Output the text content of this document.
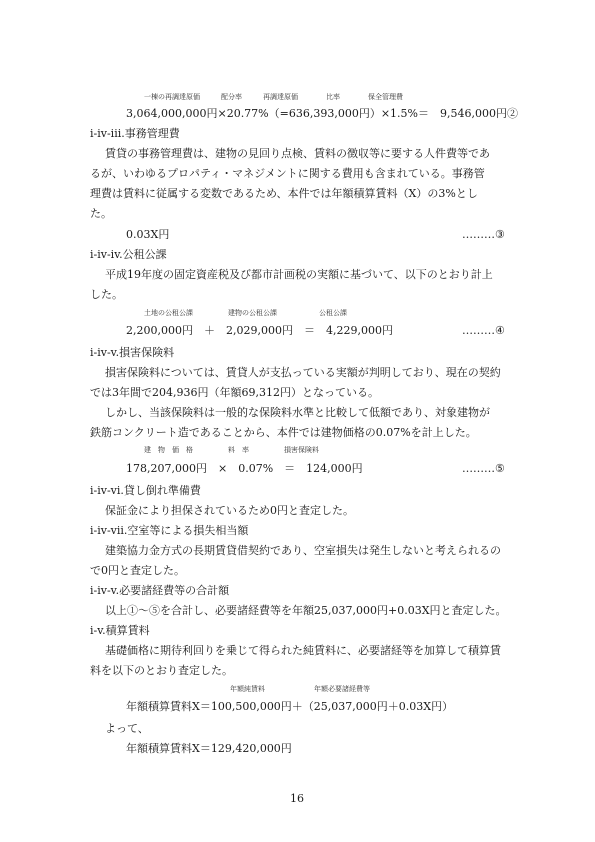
一棟の再調達原価　　　配分率　　　再調達原価　　　　比率　　　　保全管理費
3,064,000,000円×20.77%（=636,393,000円）×1.5%＝　9,546,000円②
i-iv-iii.事務管理費
賃貸の事務管理費は、建物の見回り点検、賃料の徴収等に要する人件費等であ
るが、いわゆるプロパティ・マネジメントに関する費用も含まれている。事務管
理費は賃料に従属する変数であるため、本件では年額積算賃料（X）の3%とし
た。
0.03X円	………③
i-iv-iv.公租公課
平成19年度の固定資産税及び都市計画税の実額に基づいて、以下のとおり計上
した。
土地の公租公課　　　　　建物の公租公課　　　　　　公租公課
2,200,000円　＋　2,029,000円　＝　4,229,000円	………④
i-iv-v.損害保険料
損害保険料については、賃貸人が支払っている実額が判明しており、現在の契約
では3年間で204,936円（年額69,312円）となっている。
しかし、当該保険料は一般的な保険料水準と比較して低額であり、対象建物が
鉄筋コンクリート造であることから、本件では建物価格の0.07%を計上した。
建　物　価　格　　　　　料　率　　　　　損害保険料
178,207,000円　×　0.07%　＝　124,000円	………⑤
i-iv-vi.貸し倒れ準備費
保証金により担保されているため0円と査定した。
i-iv-vii.空室等による損失相当額
建築協力金方式の長期賃貸借契約であり、空室損失は発生しないと考えられるの
で0円と査定した。
i-iv-v.必要諸経費等の合計額
以上①～⑤を合計し、必要諸経費等を年額25,037,000円+0.03X円と査定した。
i-v.積算賃料
基礎価格に期待利回りを乗じて得られた純賃料に、必要諸経等を加算して積算賃
料を以下のとおり査定した。
年額純賃料　　　　　　　年額必要諸経費等
年額積算賃料X＝100,500,000円＋（25,037,000円＋0.03X円）
よって、
年額積算賃料X＝129,420,000円
16
